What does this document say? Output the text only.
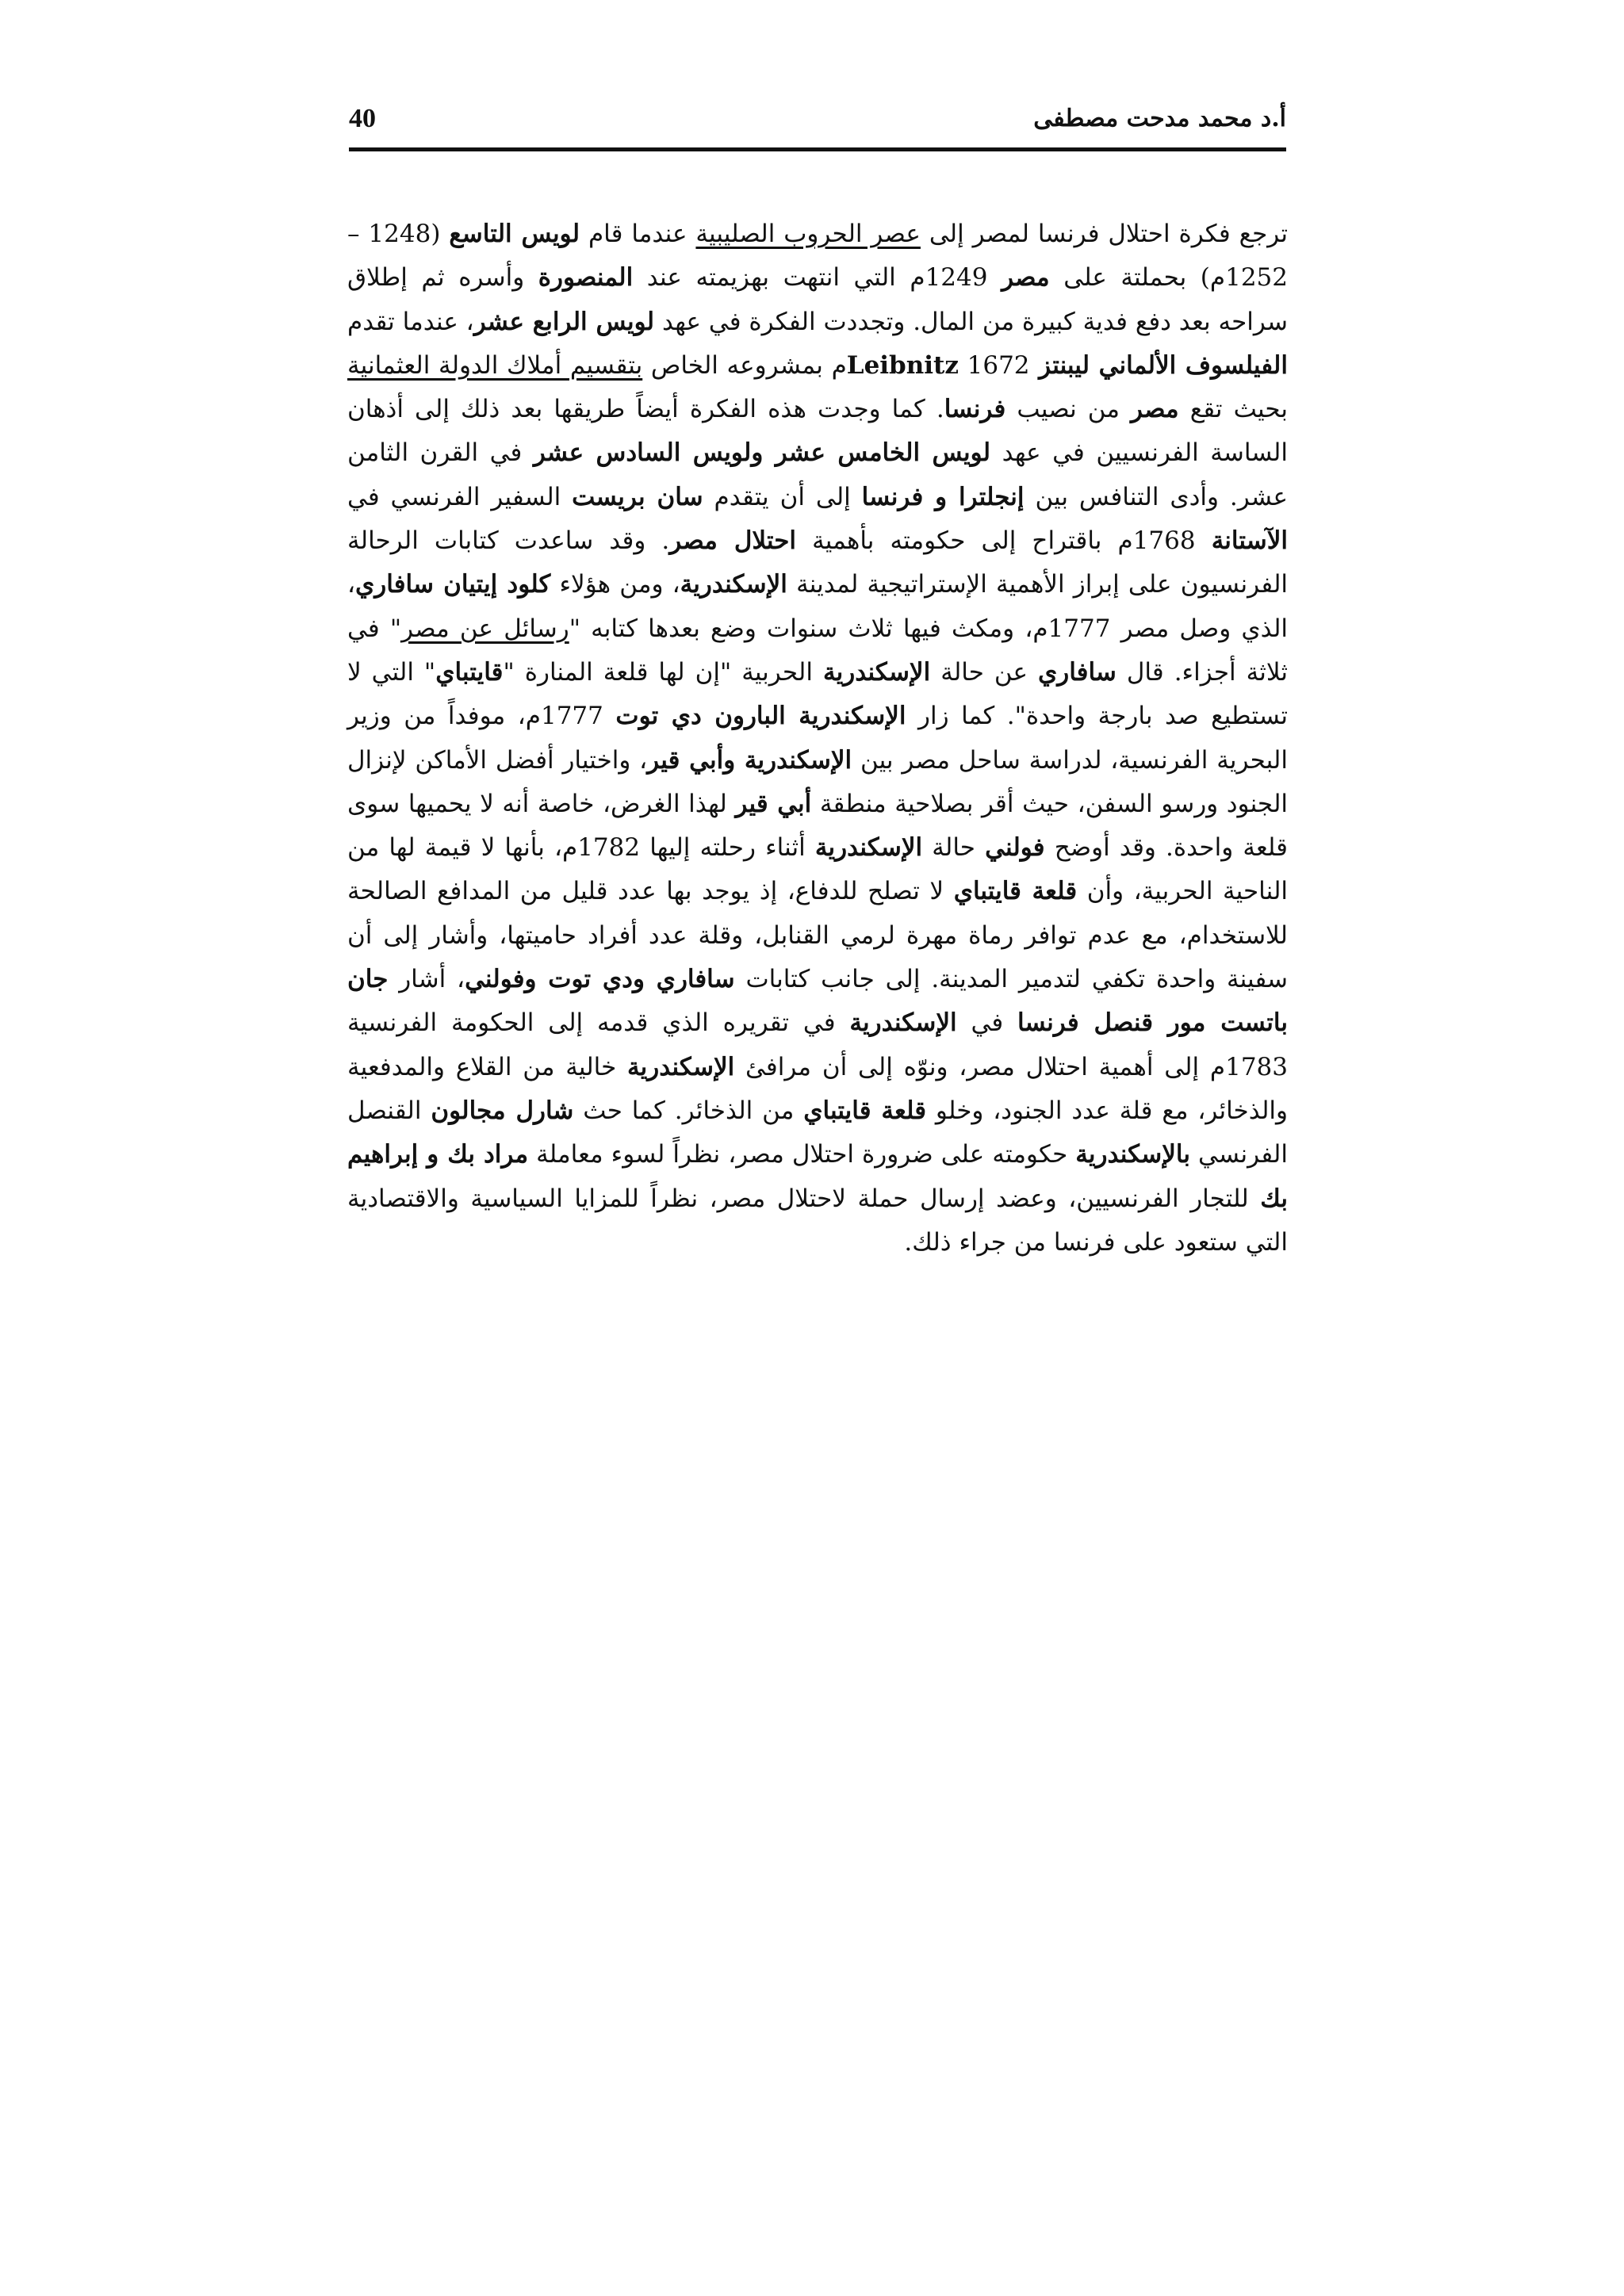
40	أ.د محمد مدحت مصطفى

ترجع فكرة احتلال فرنسا لمصر إلى عصر الحروب الصليبية عندما قام لويس التاسع (1248 – 1252م) بحملتة على مصر 1249م التي انتهت بهزيمته عند المنصورة وأسره ثم إطلاق سراحه بعد دفع فدية كبيرة من المال. وتجددت الفكرة في عهد لويس الرابع عشر، عندما تقدم الفيلسوف الألماني ليبنتز Leibnitz 1672م بمشروعه الخاص بتقسيم أملاك الدولة العثمانية بحيث تقع مصر من نصيب فرنسا. كما وجدت هذه الفكرة أيضاً طريقها بعد ذلك إلى أذهان الساسة الفرنسيين في عهد لويس الخامس عشر ولويس السادس عشر في القرن الثامن عشر. وأدى التنافس بين إنجلترا و فرنسا إلى أن يتقدم سان بريست السفير الفرنسي في الآستانة 1768م باقتراح إلى حكومته بأهمية احتلال مصر. وقد ساعدت كتابات الرحالة الفرنسيون على إبراز الأهمية الإستراتيجية لمدينة الإسكندرية، ومن هؤلاء كلود إيتيان سافاري، الذي وصل مصر 1777م، ومكث فيها ثلاث سنوات وضع بعدها كتابه "رسائل عن مصر" في ثلاثة أجزاء. قال سافاري عن حالة الإسكندرية الحربية "إن لها قلعة المنارة "قايتباي" التي لا تستطيع صد بارجة واحدة". كما زار الإسكندرية البارون دي توت 1777م، موفداً من وزير البحرية الفرنسية، لدراسة ساحل مصر بين الإسكندرية وأبي قير، واختيار أفضل الأماكن لإنزال الجنود ورسو السفن، حيث أقر بصلاحية منطقة أبي قير لهذا الغرض، خاصة أنه لا يحميها سوى قلعة واحدة. وقد أوضح فولني حالة الإسكندرية أثناء رحلته إليها 1782م، بأنها لا قيمة لها من الناحية الحربية، وأن قلعة قايتباي لا تصلح للدفاع، إذ يوجد بها عدد قليل من المدافع الصالحة للاستخدام، مع عدم توافر رماة مهرة لرمي القنابل، وقلة عدد أفراد حاميتها، وأشار إلى أن سفينة واحدة تكفي لتدمير المدينة. إلى جانب كتابات سافاري ودي توت وفولني، أشار جان باتست مور قنصل فرنسا في الإسكندرية في تقريره الذي قدمه إلى الحكومة الفرنسية 1783م إلى أهمية احتلال مصر، ونوّه إلى أن مرافئ الإسكندرية خالية من القلاع والمدفعية والذخائر، مع قلة عدد الجنود، وخلو قلعة قايتباي من الذخائر. كما حث شارل مجالون القنصل الفرنسي بالإسكندرية حكومته على ضرورة احتلال مصر، نظراً لسوء معاملة مراد بك و إبراهيم بك للتجار الفرنسيين، وعضد إرسال حملة لاحتلال مصر، نظراً للمزايا السياسية والاقتصادية التي ستعود على فرنسا من جراء ذلك.
